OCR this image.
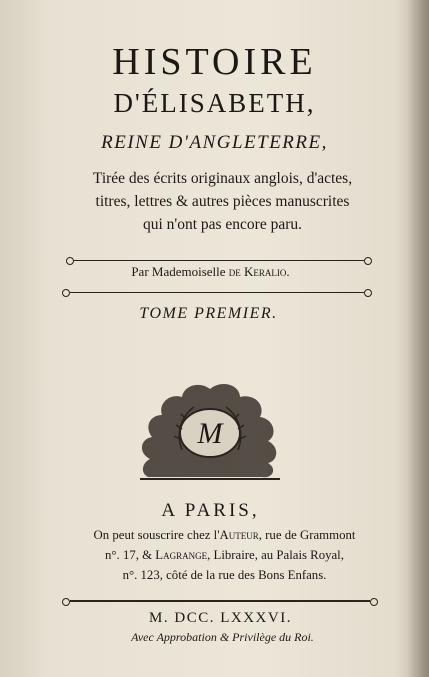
HISTOIRE
D'ÉLISABETH,
REINE D'ANGLETERRE,
Tirée des écrits originaux anglois, d'actes,
titres, lettres & autres pièces manuscrites
qui n'ont pas encore paru.
Par Mademoiselle de Keralio.
TOME PREMIER.
M
A PARIS,
On peut souscrire chez l'Auteur, rue de Grammont
n°. 17, & Lagrange, Libraire, au Palais Royal,
n°. 123, côté de la rue des Bons Enfans.
M. DCC. LXXXVI.
Avec Approbation & Privilège du Roi.
